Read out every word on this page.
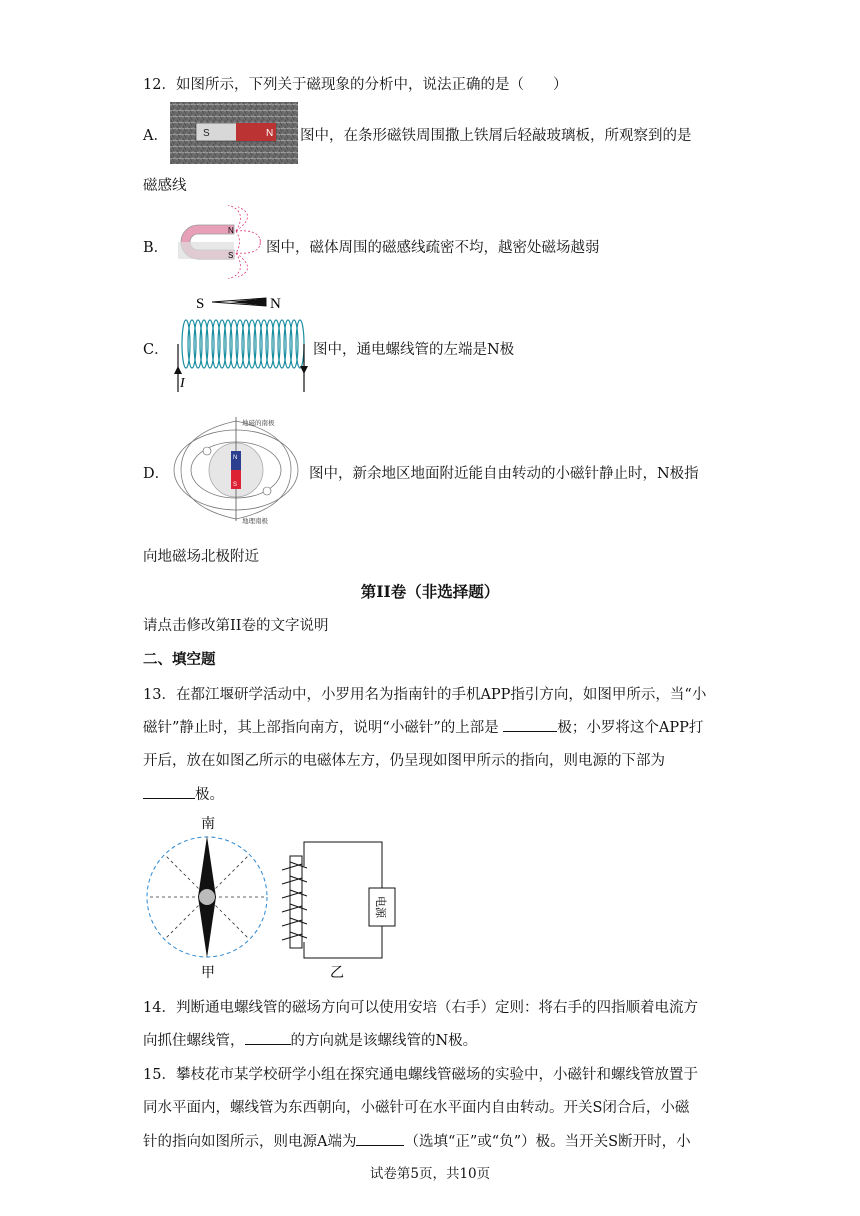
12．如图所示，下列关于磁现象的分析中，说法正确的是（　　）
A．	S	N 图中，在条形磁铁周围撒上铁屑后轻敲玻璃板，所观察到的是
磁感线
B．
N
S 图中，磁体周围的磁感线疏密不均，越密处磁场越弱
C．
S	N
I
图中，通电螺线管的左端是N极
D．
地磁的南极
地理南极
N
S
图中，新余地区地面附近能自由转动的小磁针静止时，N极指
向地磁场北极附近
第II卷（非选择题）
请点击修改第II卷的文字说明
二、填空题
13．在都江堰研学活动中，小罗用名为指南针的手机APP指引方向，如图甲所示，当“小
磁针”静止时，其上部指向南方，说明“小磁针”的上部是	极；小罗将这个APP打
开后，放在如图乙所示的电磁体左方，仍呈现如图甲所示的指向，则电源的下部为
极。
南
甲
电源
乙
14．判断通电螺线管的磁场方向可以使用安培（右手）定则：将右手的四指顺着电流方
向抓住螺线管，	的方向就是该螺线管的N极。
15．攀枝花市某学校研学小组在探究通电螺线管磁场的实验中，小磁针和螺线管放置于
同水平面内，螺线管为东西朝向，小磁针可在水平面内自由转动。开关S闭合后，小磁
针的指向如图所示，则电源A端为	（选填“正”或“负”）极。当开关S断开时，小
试卷第5页，共10页
